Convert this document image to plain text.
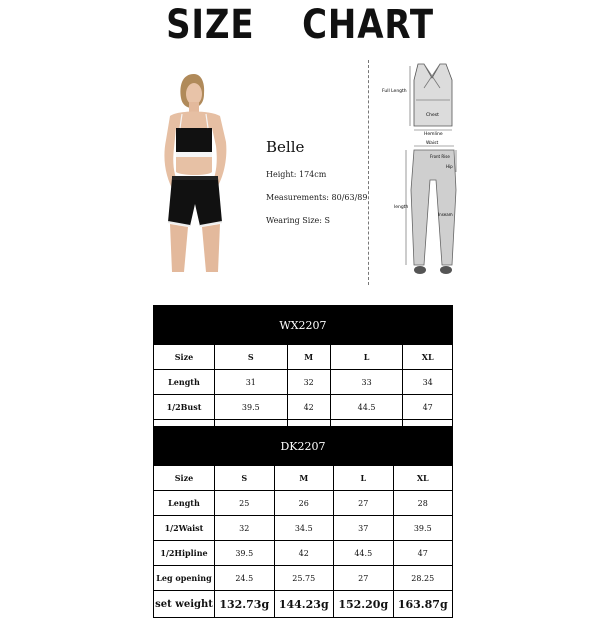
SIZE CHART
Belle
Height: 174cm
Measurements: 80/63/89
Wearing Size: S
Full Length
Chest
Hemline
Waist
Front Rise
Hip
length
Inseam
WX2207				
Size	S	M	L	XL
Length	31	32	33	34
1/2Bust	39.5	42	44.5	47

DK2207				
Size	S	M	L	XL
Length	25	26	27	28
1/2Waist	32	34.5	37	39.5
1/2Hipline	39.5	42	44.5	47
Leg opening	24.5	25.75	27	28.25
set weight	132.73g	144.23g	152.20g	163.87g
